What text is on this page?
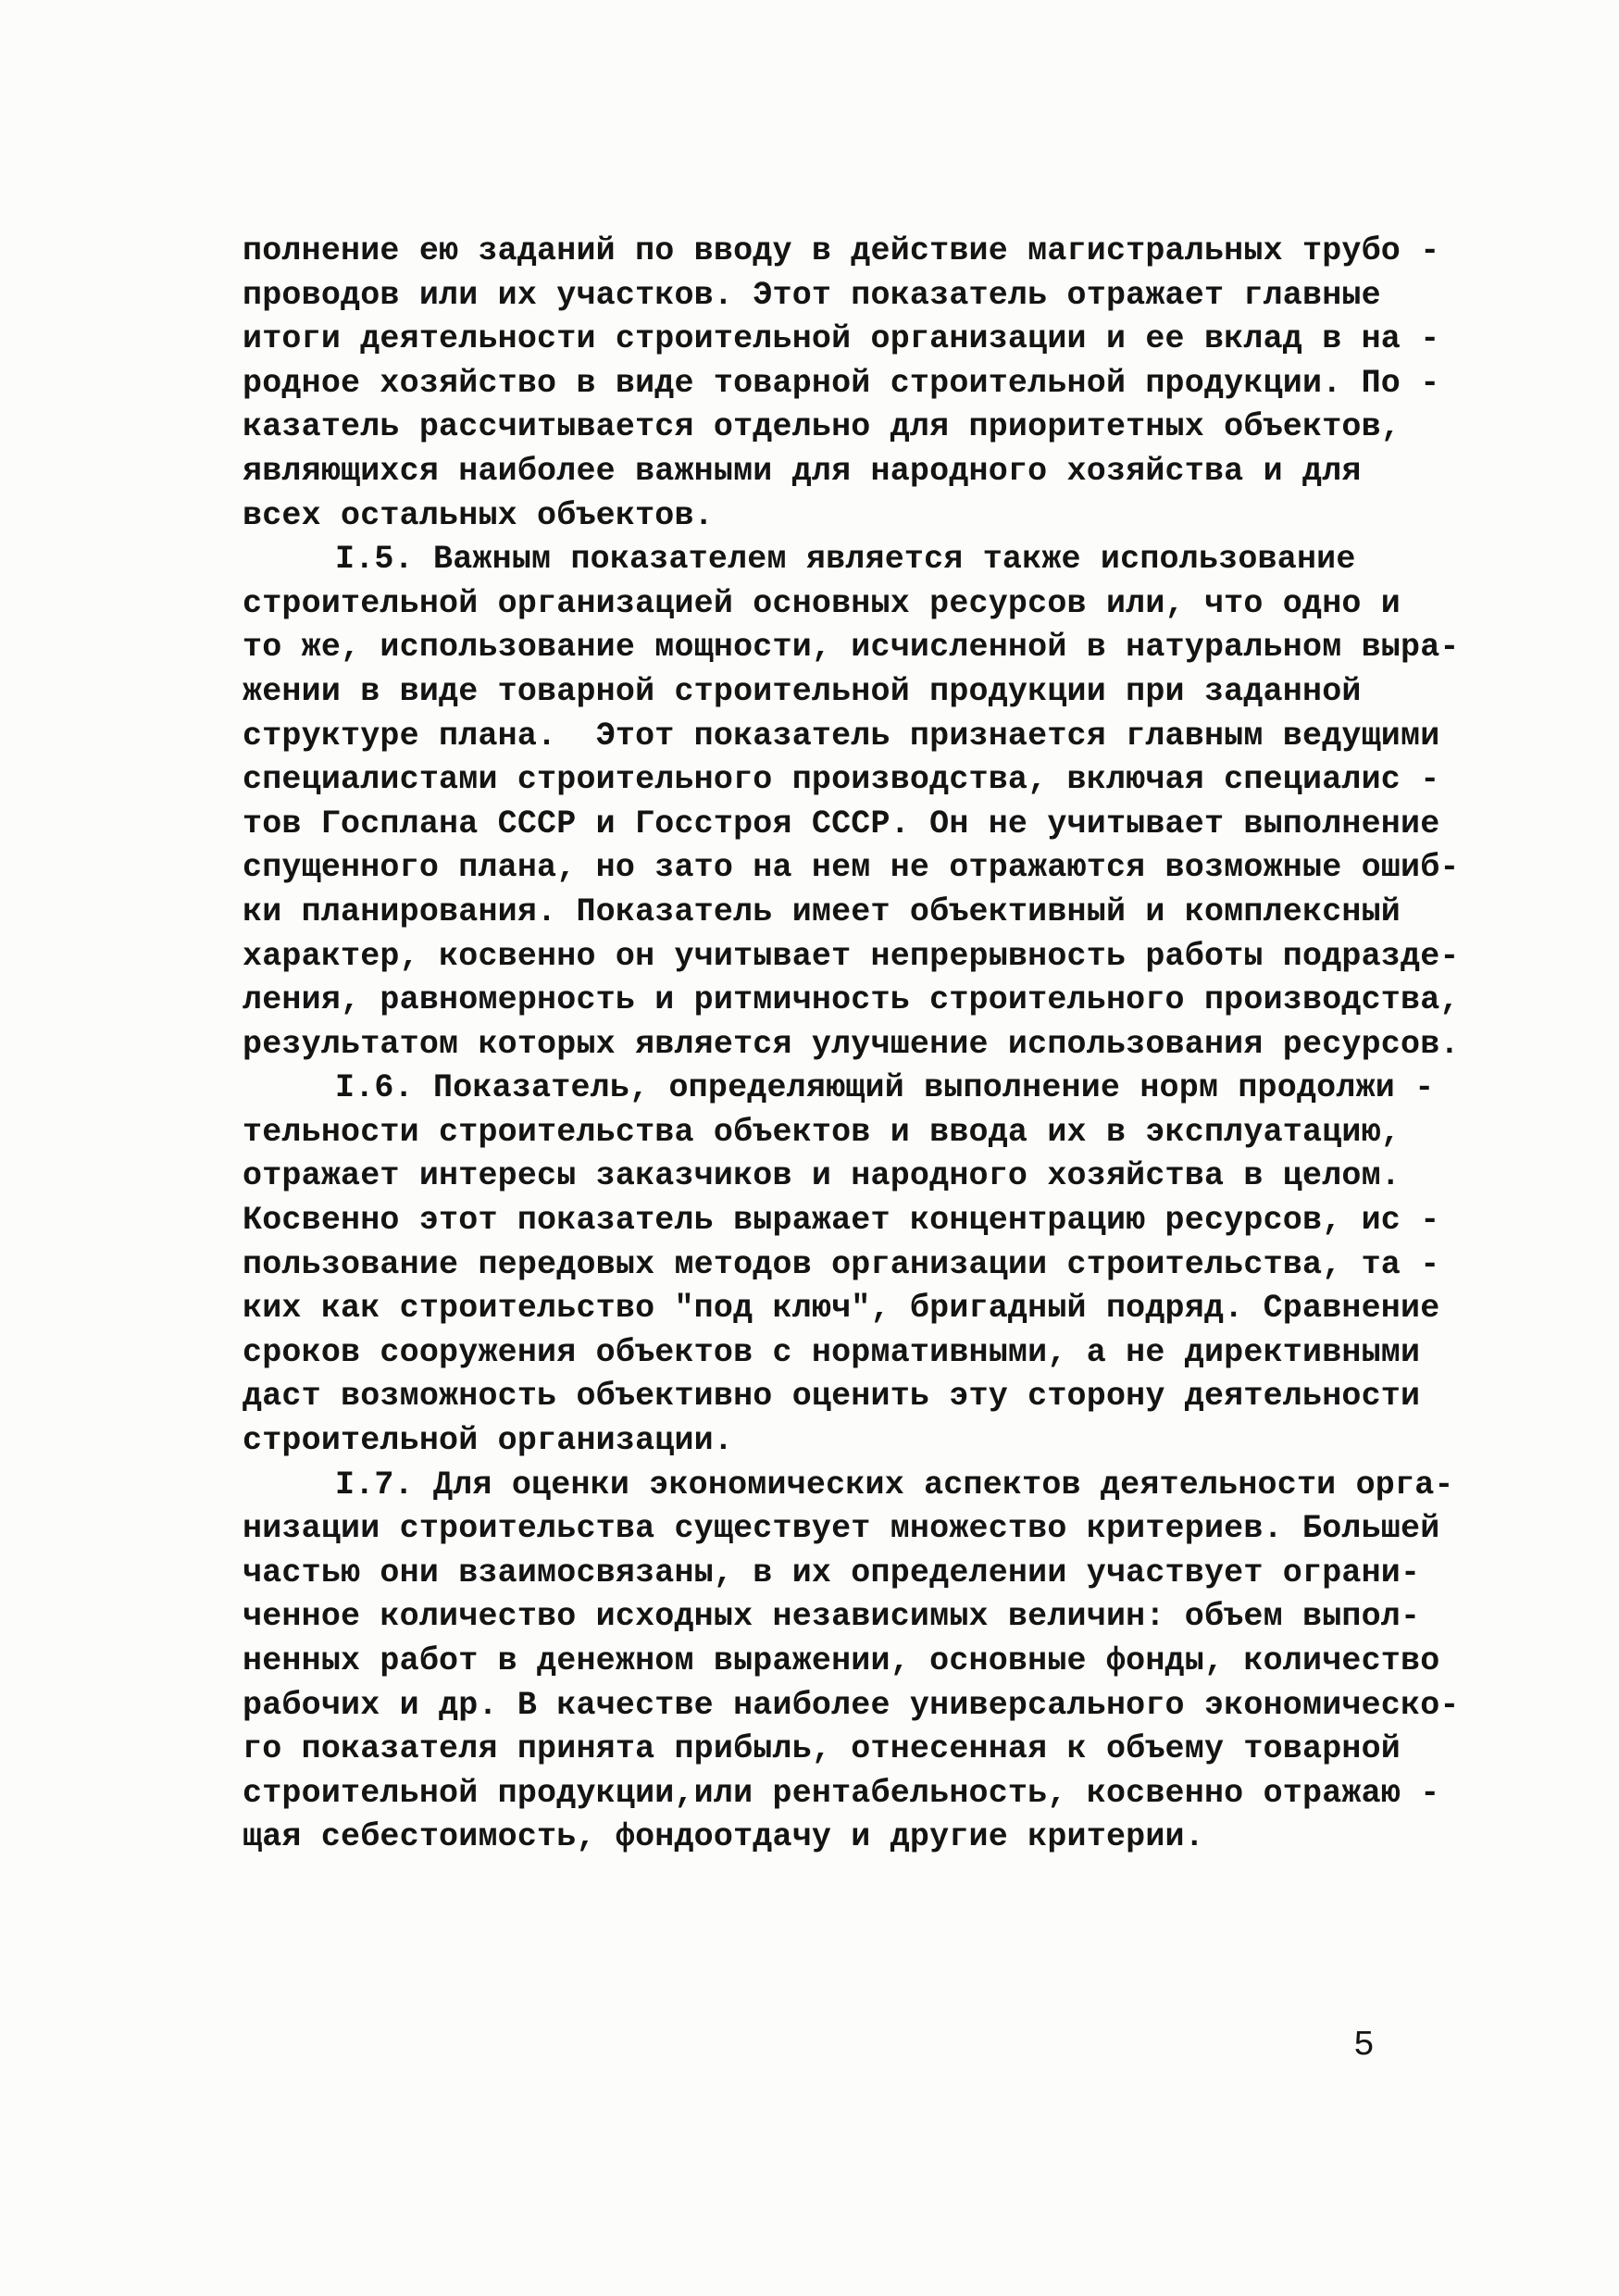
полнение ею заданий по вводу в действие магистральных трубо -
проводов или их участков. Этот показатель отражает главные
итоги деятельности строительной организации и ее вклад в на -
родное хозяйство в виде товарной строительной продукции. По -
казатель рассчитывается отдельно для приоритетных объектов,
являющихся наиболее важными для народного хозяйства и для
всех остальных объектов.
I.5. Важным показателем является также использование
строительной организацией основных ресурсов или, что одно и
то же, использование мощности, исчисленной в натуральном выра-
жении в виде товарной строительной продукции при заданной
структуре плана.  Этот показатель признается главным ведущими
специалистами строительного производства, включая специалис -
тов Госплана СССР и Госстроя СССР. Он не учитывает выполнение
спущенного плана, но зато на нем не отражаются возможные ошиб-
ки планирования. Показатель имеет объективный и комплексный
характер, косвенно он учитывает непрерывность работы подразде-
ления, равномерность и ритмичность строительного производства,
результатом которых является улучшение использования ресурсов.
I.6. Показатель, определяющий выполнение норм продолжи -
тельности строительства объектов и ввода их в эксплуатацию,
отражает интересы заказчиков и народного хозяйства в целом.
Косвенно этот показатель выражает концентрацию ресурсов, ис -
пользование передовых методов организации строительства, та -
ких как строительство "под ключ", бригадный подряд. Сравнение
сроков сооружения объектов с нормативными, а не директивными
даст возможность объективно оценить эту сторону деятельности
строительной организации.
I.7. Для оценки экономических аспектов деятельности орга-
низации строительства существует множество критериев. Большей
частью они взаимосвязаны, в их определении участвует ограни-
ченное количество исходных независимых величин: объем выпол-
ненных работ в денежном выражении, основные фонды, количество
рабочих и др. В качестве наиболее универсального экономическо-
го показателя принята прибыль, отнесенная к объему товарной
строительной продукции,или рентабельность, косвенно отражаю -
щая себестоимость, фондоотдачу и другие критерии.
5
